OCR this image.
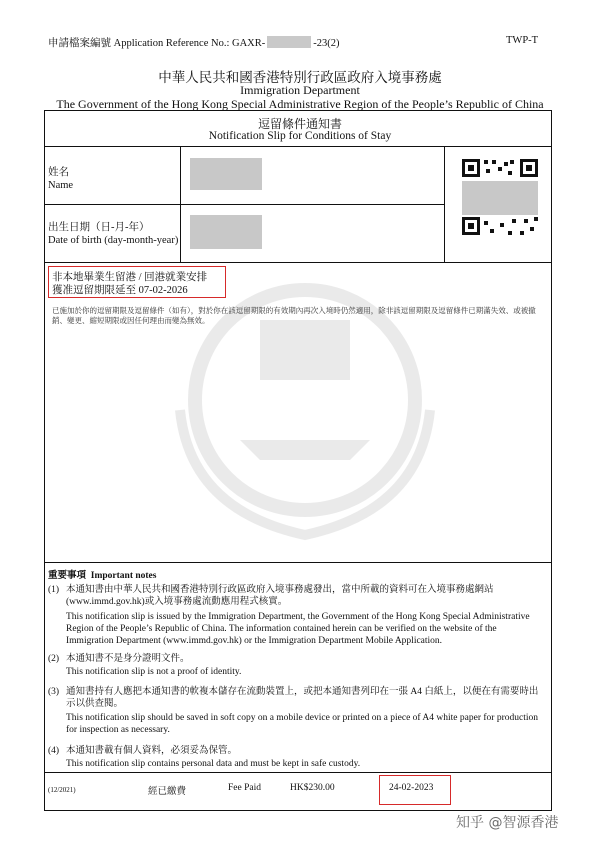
申請檔案編號 Application Reference No.: GAXR-	-23(2)	TWP-T
中華人民共和國香港特別行政區政府入境事務處
Immigration Department
The Government of the Hong Kong Special Administrative Region of the People’s Republic of China
逗留條件通知書
Notification Slip for Conditions of Stay
姓名
Name
出生日期（日-月-年）
Date of birth (day-month-year)
非本地畢業生留港 / 回港就業安排
獲准逗留期限延至 07-02-2026
已施加於你的逗留期限及逗留條件（如有），對於你在該逗留期限的有效期內再次入境時仍然適用，除非該逗留期限及逗留條件已期滿失效、或被撤銷、變更、縮短期限或因任何理由而變為無效。
重要事項 Important notes
(1) 本通知書由中華人民共和國香港特別行政區政府入境事務處發出，當中所載的資料可在入境事務處網站(www.immd.gov.hk)或入境事務處流動應用程式核實。
This notification slip is issued by the Immigration Department, the Government of the Hong Kong Special Administrative Region of the People’s Republic of China. The information contained herein can be verified on the website of the Immigration Department (www.immd.gov.hk) or the Immigration Department Mobile Application.
(2) 本通知書不是身分證明文件。
This notification slip is not a proof of identity.
(3) 通知書持有人應把本通知書的軟複本儲存在流動裝置上，或把本通知書列印在一張 A4 白紙上，以便在有需要時出示以供查閱。
This notification slip should be saved in soft copy on a mobile device or printed on a piece of A4 white paper for production for inspection as necessary.
(4) 本通知書載有個人資料，必須妥為保管。
This notification slip contains personal data and must be kept in safe custody.
(12/2021)	經已繳費	Fee Paid	HK$230.00	24-02-2023
知乎 @智源香港
